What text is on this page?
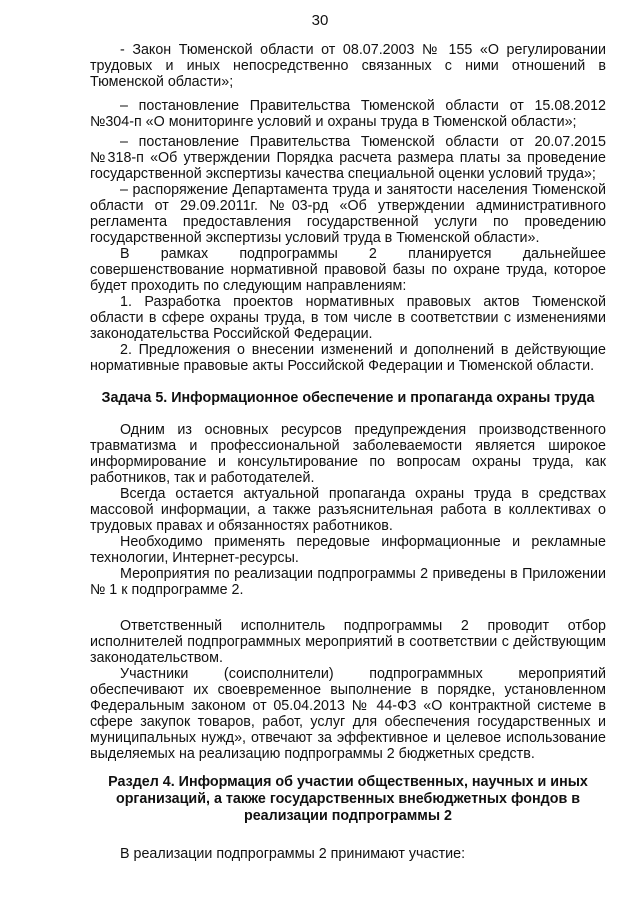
30

- Закон Тюменской области от 08.07.2003 № 155 «О регулировании трудовых и иных непосредственно связанных с ними отношений в Тюменской области»;

– постановление Правительства Тюменской области от 15.08.2012 №304-п «О мониторинге условий и охраны труда в Тюменской области»;

– постановление Правительства Тюменской области от 20.07.2015 №318-п «Об утверждении Порядка расчета размера платы за проведение государственной экспертизы качества специальной оценки условий труда»;

– распоряжение Департамента труда и занятости населения Тюменской области от 29.09.2011г. №03-рд «Об утверждении административного регламента предоставления государственной услуги по проведению государственной экспертизы условий труда в Тюменской области».

В рамках подпрограммы 2 планируется дальнейшее совершенствование нормативной правовой базы по охране труда, которое будет проходить по следующим направлениям:

1. Разработка проектов нормативных правовых актов Тюменской области в сфере охраны труда, в том числе в соответствии с изменениями законодательства Российской Федерации.

2. Предложения о внесении изменений и дополнений в действующие нормативные правовые акты Российской Федерации и Тюменской области.

Задача 5. Информационное обеспечение и пропаганда охраны труда

Одним из основных ресурсов предупреждения производственного травматизма и профессиональной заболеваемости является широкое информирование и консультирование по вопросам охраны труда, как работников, так и работодателей.

Всегда остается актуальной пропаганда охраны труда в средствах массовой информации, а также разъяснительная работа в коллективах о трудовых правах и обязанностях работников.

Необходимо применять передовые информационные и рекламные технологии, Интернет-ресурсы.

Мероприятия по реализации подпрограммы 2 приведены в Приложении № 1 к подпрограмме 2.

Ответственный исполнитель подпрограммы 2 проводит отбор исполнителей подпрограммных мероприятий в соответствии с действующим законодательством.

Участники (соисполнители) подпрограммных мероприятий обеспечивают их своевременное выполнение в порядке, установленном Федеральным законом от 05.04.2013 № 44-ФЗ «О контрактной системе в сфере закупок товаров, работ, услуг для обеспечения государственных и муниципальных нужд», отвечают за эффективное и целевое использование выделяемых на реализацию подпрограммы 2 бюджетных средств.

Раздел 4. Информация об участии общественных, научных и иных организаций, а также государственных внебюджетных фондов в реализации подпрограммы 2

В реализации подпрограммы 2 принимают участие:
